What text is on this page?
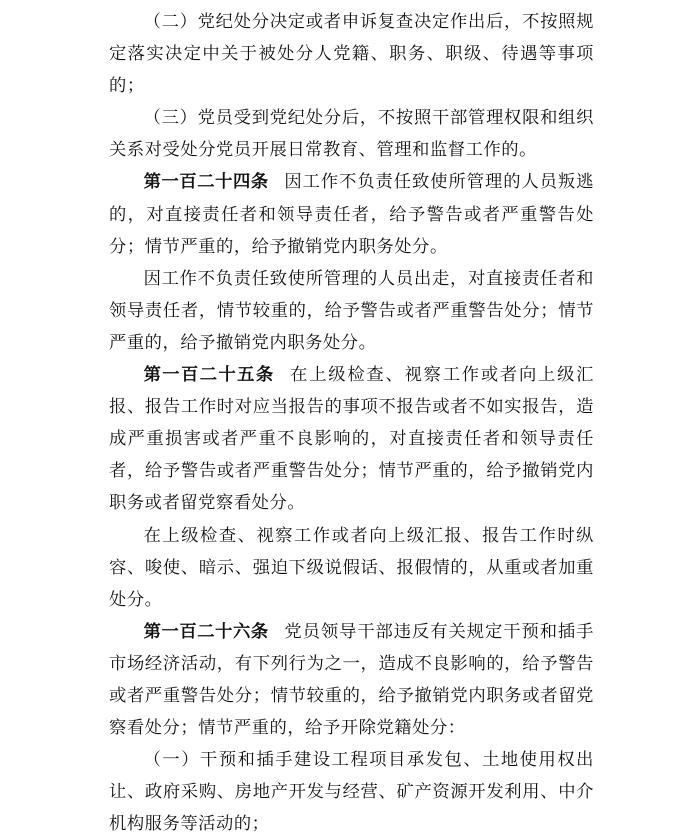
（二）党纪处分决定或者申诉复查决定作出后，不按照规定落实决定中关于被处分人党籍、职务、职级、待遇等事项的；

（三）党员受到党纪处分后，不按照干部管理权限和组织关系对受处分党员开展日常教育、管理和监督工作的。

第一百二十四条 因工作不负责任致使所管理的人员叛逃的，对直接责任者和领导责任者，给予警告或者严重警告处分；情节严重的，给予撤销党内职务处分。

因工作不负责任致使所管理的人员出走，对直接责任者和领导责任者，情节较重的，给予警告或者严重警告处分；情节严重的，给予撤销党内职务处分。

第一百二十五条 在上级检查、视察工作或者向上级汇报、报告工作时对应当报告的事项不报告或者不如实报告，造成严重损害或者严重不良影响的，对直接责任者和领导责任者，给予警告或者严重警告处分；情节严重的，给予撤销党内职务或者留党察看处分。

在上级检查、视察工作或者向上级汇报、报告工作时纵容、唆使、暗示、强迫下级说假话、报假情的，从重或者加重处分。

第一百二十六条 党员领导干部违反有关规定干预和插手市场经济活动，有下列行为之一，造成不良影响的，给予警告或者严重警告处分；情节较重的，给予撤销党内职务或者留党察看处分；情节严重的，给予开除党籍处分：

（一）干预和插手建设工程项目承发包、土地使用权出让、政府采购、房地产开发与经营、矿产资源开发利用、中介机构服务等活动的；
